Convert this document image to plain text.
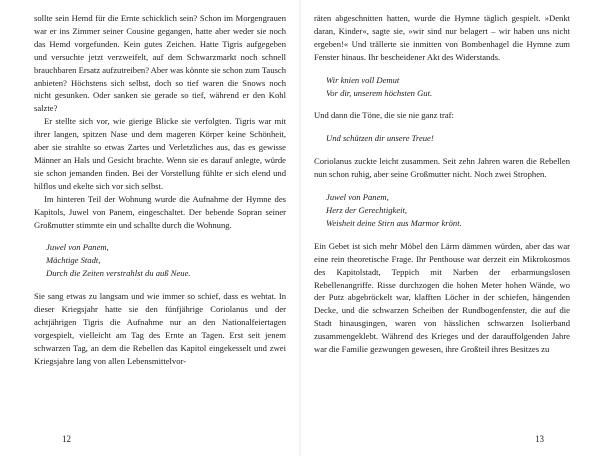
sollte sein Hemd für die Ernte schicklich sein? Schon im Morgengrauen war er ins Zimmer seiner Cousine gegangen, hatte aber weder sie noch das Hemd vorgefunden. Kein gutes Zeichen. Hatte Tigris aufgegeben und versuchte jetzt verzweifelt, auf dem Schwarzmarkt noch schnell brauchbaren Ersatz aufzutreiben? Aber was könnte sie schon zum Tausch anbieten? Höchstens sich selbst, doch so tief waren die Snows noch nicht gesunken. Oder sanken sie gerade so tief, während er den Kohl salzte?

Er stellte sich vor, wie gierige Blicke sie verfolgten. Tigris war mit ihrer langen, spitzen Nase und dem mageren Körper keine Schönheit, aber sie strahlte so etwas Zartes und Verletzliches aus, das es gewisse Männer an Hals und Gesicht brachte. Wenn sie es darauf anlegte, würde sie schon jemanden finden. Bei der Vorstellung fühlte er sich elend und hilflos und ekelte sich vor sich selbst.

Im hinteren Teil der Wohnung wurde die Aufnahme der Hymne des Kapitols, Juwel von Panem, eingeschaltet. Der bebende Sopran seiner Großmutter stimmte ein und schallte durch die Wohnung.

Juwel von Panem,
Mächtige Stadt,
Durch die Zeiten verstrahlst du auß Neue.

Sie sang etwas zu langsam und wie immer so schief, dass es wehtat. In dieser Kriegsjahr hatte sie den fünfjährige Coriolanus und der achtjährigen Tigris die Aufnahme nur an den Nationalfeiertagen vorgespielt, vielleicht am Tag des Ernte an Tagen. Erst seit jenem schwarzen Tag, an dem die Rebellen das Kapitol eingekesselt und zwei Kriegsjahre lang von allen Lebensmittelvor-

12

räten abgeschnitten hatten, wurde die Hymne täglich gespielt. »Denkt daran, Kinder«, sagte sie, »wir sind nur belagert – wir haben uns nicht ergeben!« Und trällerte sie inmitten von Bombenhagel die Hymne zum Fenster hinaus. Ihr bescheidener Akt des Widerstands.

Wir knien voll Demut
Vor dir, unserem höchsten Gut.

Und dann die Töne, die sie nie ganz traf:

Und schützen dir unsere Treue!

Coriolanus zuckte leicht zusammen. Seit zehn Jahren waren die Rebellen nun schon ruhig, aber seine Großmutter nicht. Noch zwei Strophen.

Juwel von Panem,
Herz der Gerechtigkeit,
Weisheit deine Stirn aus Marmor krönt.

Ein Gebet ist sich mehr Möbel den Lärm dämmen würden, aber das war eine rein theoretische Frage. Ihr Penthouse war derzeit ein Mikrokosmos des Kapitolstadt, Teppich mit Narben der erbarmungslosen Rebellenangriffe. Risse durchzogen die hohen Meter hohen Wände, wo der Putz abgebröckelt war, klafften Löcher in der schiefen, hängenden Decke, und die schwarzen Scheiben der Rundbogenfenster, die auf die Stadt hinausgingen, waren von hässlichen schwarzen Isolierband zusammengeklebt. Während des Krieges und der darauffolgenden Jahre war die Familie gezwungen gewesen, ihre Großteil ihres Besitzes zu

13
